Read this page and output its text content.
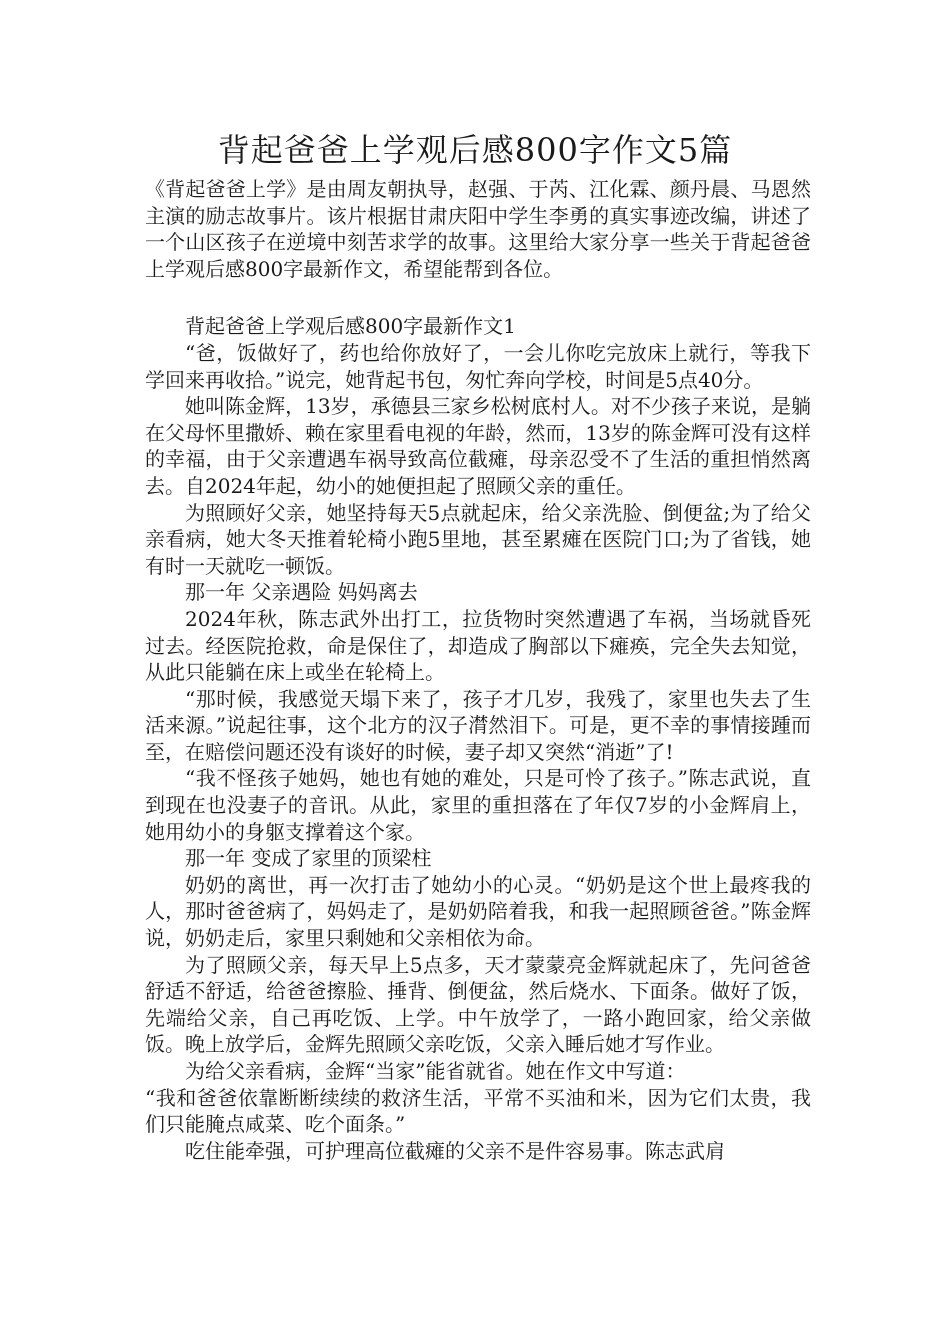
背起爸爸上学观后感800字作文5篇

《背起爸爸上学》是由周友朝执导，赵强、于芮、江化霖、颜丹晨、马恩然主演的励志故事片。该片根据甘肃庆阳中学生李勇的真实事迹改编，讲述了一个山区孩子在逆境中刻苦求学的故事。这里给大家分享一些关于背起爸爸上学观后感800字最新作文，希望能帮到各位。

背起爸爸上学观后感800字最新作文1

“爸，饭做好了，药也给你放好了，一会儿你吃完放床上就行，等我下学回来再收拾。”说完，她背起书包，匆忙奔向学校，时间是5点40分。

她叫陈金辉，13岁，承德县三家乡松树底村人。对不少孩子来说，是躺在父母怀里撒娇、赖在家里看电视的年龄，然而，13岁的陈金辉可没有这样的幸福，由于父亲遭遇车祸导致高位截瘫，母亲忍受不了生活的重担悄然离去。自2024年起，幼小的她便担起了照顾父亲的重任。

为照顾好父亲，她坚持每天5点就起床，给父亲洗脸、倒便盆;为了给父亲看病，她大冬天推着轮椅小跑5里地，甚至累瘫在医院门口;为了省钱，她有时一天就吃一顿饭。

那一年 父亲遇险 妈妈离去

2024年秋，陈志武外出打工，拉货物时突然遭遇了车祸，当场就昏死过去。经医院抢救，命是保住了，却造成了胸部以下瘫痪，完全失去知觉，从此只能躺在床上或坐在轮椅上。

“那时候，我感觉天塌下来了，孩子才几岁，我残了，家里也失去了生活来源。”说起往事，这个北方的汉子潸然泪下。可是，更不幸的事情接踵而至，在赔偿问题还没有谈好的时候，妻子却又突然“消逝”了!

“我不怪孩子她妈，她也有她的难处，只是可怜了孩子。”陈志武说，直到现在也没妻子的音讯。从此，家里的重担落在了年仅7岁的小金辉肩上，她用幼小的身躯支撑着这个家。

那一年 变成了家里的顶梁柱

奶奶的离世，再一次打击了她幼小的心灵。“奶奶是这个世上最疼我的人，那时爸爸病了，妈妈走了，是奶奶陪着我，和我一起照顾爸爸。”陈金辉说，奶奶走后，家里只剩她和父亲相依为命。

为了照顾父亲，每天早上5点多，天才蒙蒙亮金辉就起床了，先问爸爸舒适不舒适，给爸爸擦脸、捶背、倒便盆，然后烧水、下面条。做好了饭，先端给父亲，自己再吃饭、上学。中午放学了，一路小跑回家，给父亲做饭。晚上放学后，金辉先照顾父亲吃饭，父亲入睡后她才写作业。

为给父亲看病，金辉“当家”能省就省。她在作文中写道：

“我和爸爸依靠断断续续的救济生活，平常不买油和米，因为它们太贵，我们只能腌点咸菜、吃个面条。”

吃住能牵强，可护理高位截瘫的父亲不是件容易事。陈志武肩
